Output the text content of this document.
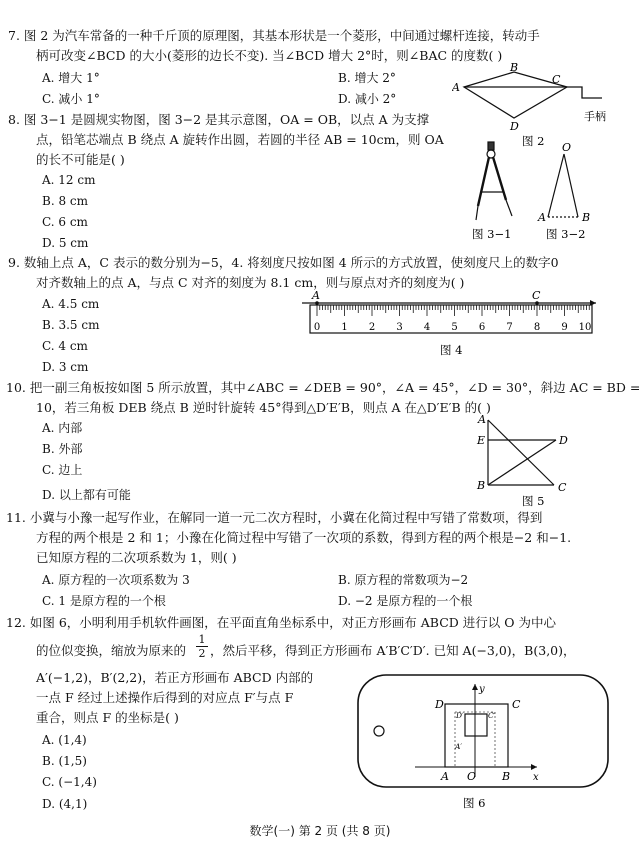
7. 图 2 为汽车常备的一种千斤顶的原理图，其基本形状是一个菱形，中间通过螺杆连接，转动手
柄可改变∠BCD 的大小(菱形的边长不变). 当∠BCD 增大 2°时，则∠BAC 的度数( )
A. 增大 1°	B. 增大 2°
C. 减小 1°	D. 减小 2°
B
A
C
D
手柄
图 2
8. 图 3−1 是圆规实物图，图 3−2 是其示意图，OA = OB，以点 A 为支撑
点，铅笔芯端点 B 绕点 A 旋转作出圆，若圆的半径 AB = 10cm，则 OA
的长不可能是( )
A. 12 cm
B. 8 cm
C. 6 cm
D. 5 cm
图 3−1
O
A	B
图 3−2
9. 数轴上点 A，C 表示的数分别为−5，4. 将刻度尺按如图 4 所示的方式放置，使刻度尺上的数字0
对齐数轴上的点 A，与点 C 对齐的刻度为 8.1 cm，则与原点对齐的刻度为( )
A. 4.5 cm
B. 3.5 cm
C. 4 cm
D. 3 cm
A	C
0 1 2 3 4 5 6 7 8 9 10
图 4
10. 把一副三角板按如图 5 所示放置，其中∠ABC = ∠DEB = 90°，∠A = 45°，∠D = 30°，斜边 AC = BD =
10，若三角板 DEB 绕点 B 逆时针旋转 45°得到△D′E′B，则点 A 在△D′E′B 的( )
A. 内部
B. 外部
C. 边上
D. 以上都有可能
A
E	D
B	C
图 5
11. 小冀与小豫一起写作业，在解同一道一元二次方程时，小冀在化简过程中写错了常数项，得到
方程的两个根是 2 和 1；小豫在化简过程中写错了一次项的系数，得到方程的两个根是−2 和−1.
已知原方程的二次项系数为 1，则( )
A. 原方程的一次项系数为 3	B. 原方程的常数项为−2
C. 1 是原方程的一个根	D. −2 是原方程的一个根
12. 如图 6，小明利用手机软件画图，在平面直角坐标系中，对正方形画布 ABCD 进行以 O 为中心
的位似变换，缩放为原来的 $\frac{1}{2}$ ，然后平移，得到正方形画布 A′B′C′D′. 已知 A(−3,0)，B(3,0)，
A′(−1,2)，B′(2,2)，若正方形画布 ABCD 内部的
一点 F 经过上述操作后得到的对应点 F′与点 F
重合，则点 F 的坐标是( )
A. (1,4)
B. (1,5)
C. (−1,4)
D. (4,1)
D	C
D′	C′
A′
A O B x
y
图 6
数学(一) 第 2 页 (共 8 页)
